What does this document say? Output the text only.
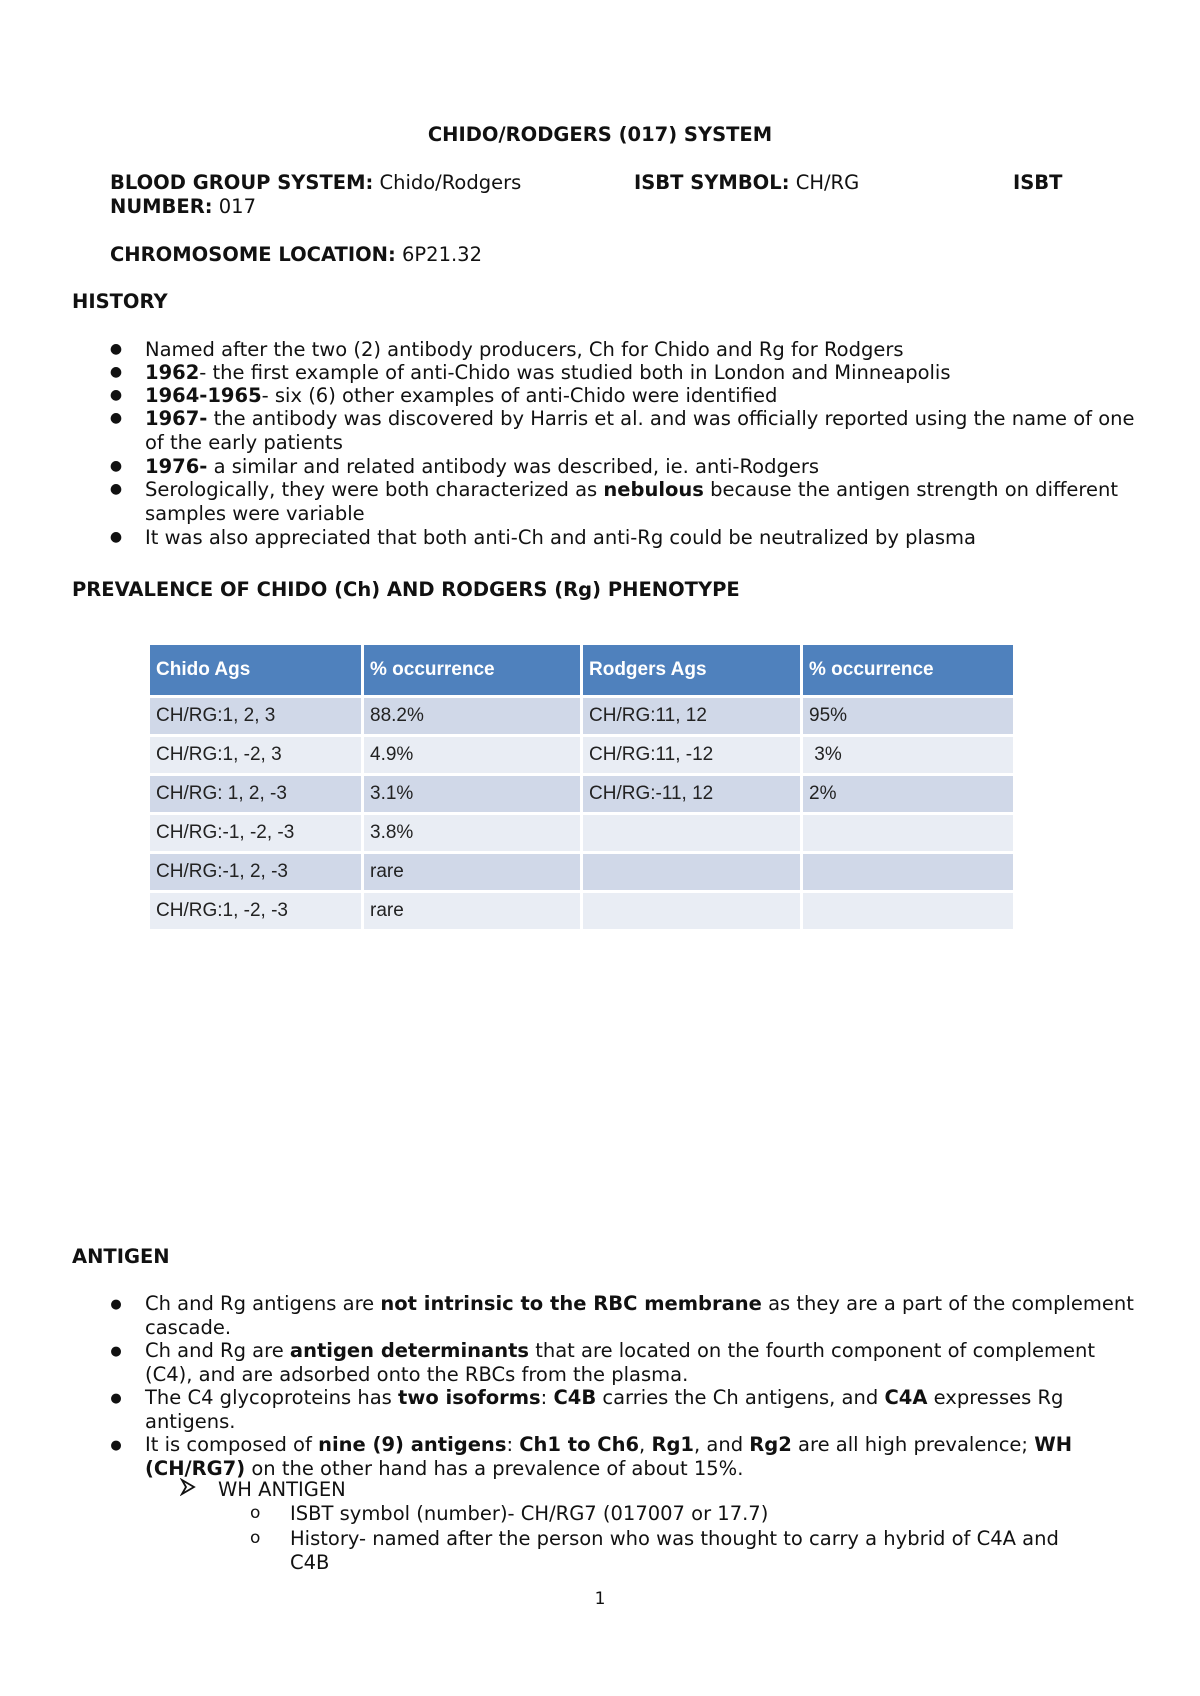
CHIDO/RODGERS (017) SYSTEM
BLOOD GROUP SYSTEM: Chido/Rodgers	ISBT SYMBOL: CH/RG	ISBT
NUMBER: 017
CHROMOSOME LOCATION: 6P21.32
HISTORY
● Named after the two (2) antibody producers, Ch for Chido and Rg for Rodgers
● 1962- the first example of anti-Chido was studied both in London and Minneapolis
● 1964-1965- six (6) other examples of anti-Chido were identified
● 1967- the antibody was discovered by Harris et al. and was officially reported using the name of one of the early patients
● 1976- a similar and related antibody was described, ie. anti-Rodgers
● Serologically, they were both characterized as nebulous because the antigen strength on different samples were variable
● It was also appreciated that both anti-Ch and anti-Rg could be neutralized by plasma
PREVALENCE OF CHIDO (Ch) AND RODGERS (Rg) PHENOTYPE
Chido Ags	% occurrence	Rodgers Ags	% occurrence
CH/RG:1, 2, 3	88.2%	CH/RG:11, 12	95%
CH/RG:1, -2, 3	4.9%	CH/RG:11, -12	3%
CH/RG: 1, 2, -3	3.1%	CH/RG:-11, 12	2%
CH/RG:-1, -2, -3	3.8%		
CH/RG:-1, 2, -3	rare		
CH/RG:1, -2, -3	rare		
ANTIGEN
● Ch and Rg antigens are not intrinsic to the RBC membrane as they are a part of the complement cascade.
● Ch and Rg are antigen determinants that are located on the fourth component of complement (C4), and are adsorbed onto the RBCs from the plasma.
● The C4 glycoproteins has two isoforms: C4B carries the Ch antigens, and C4A expresses Rg antigens.
● It is composed of nine (9) antigens: Ch1 to Ch6, Rg1, and Rg2 are all high prevalence; WH (CH/RG7) on the other hand has a prevalence of about 15%.
WH ANTIGEN
o ISBT symbol (number)- CH/RG7 (017007 or 17.7)
o History- named after the person who was thought to carry a hybrid of C4A and C4B
1
